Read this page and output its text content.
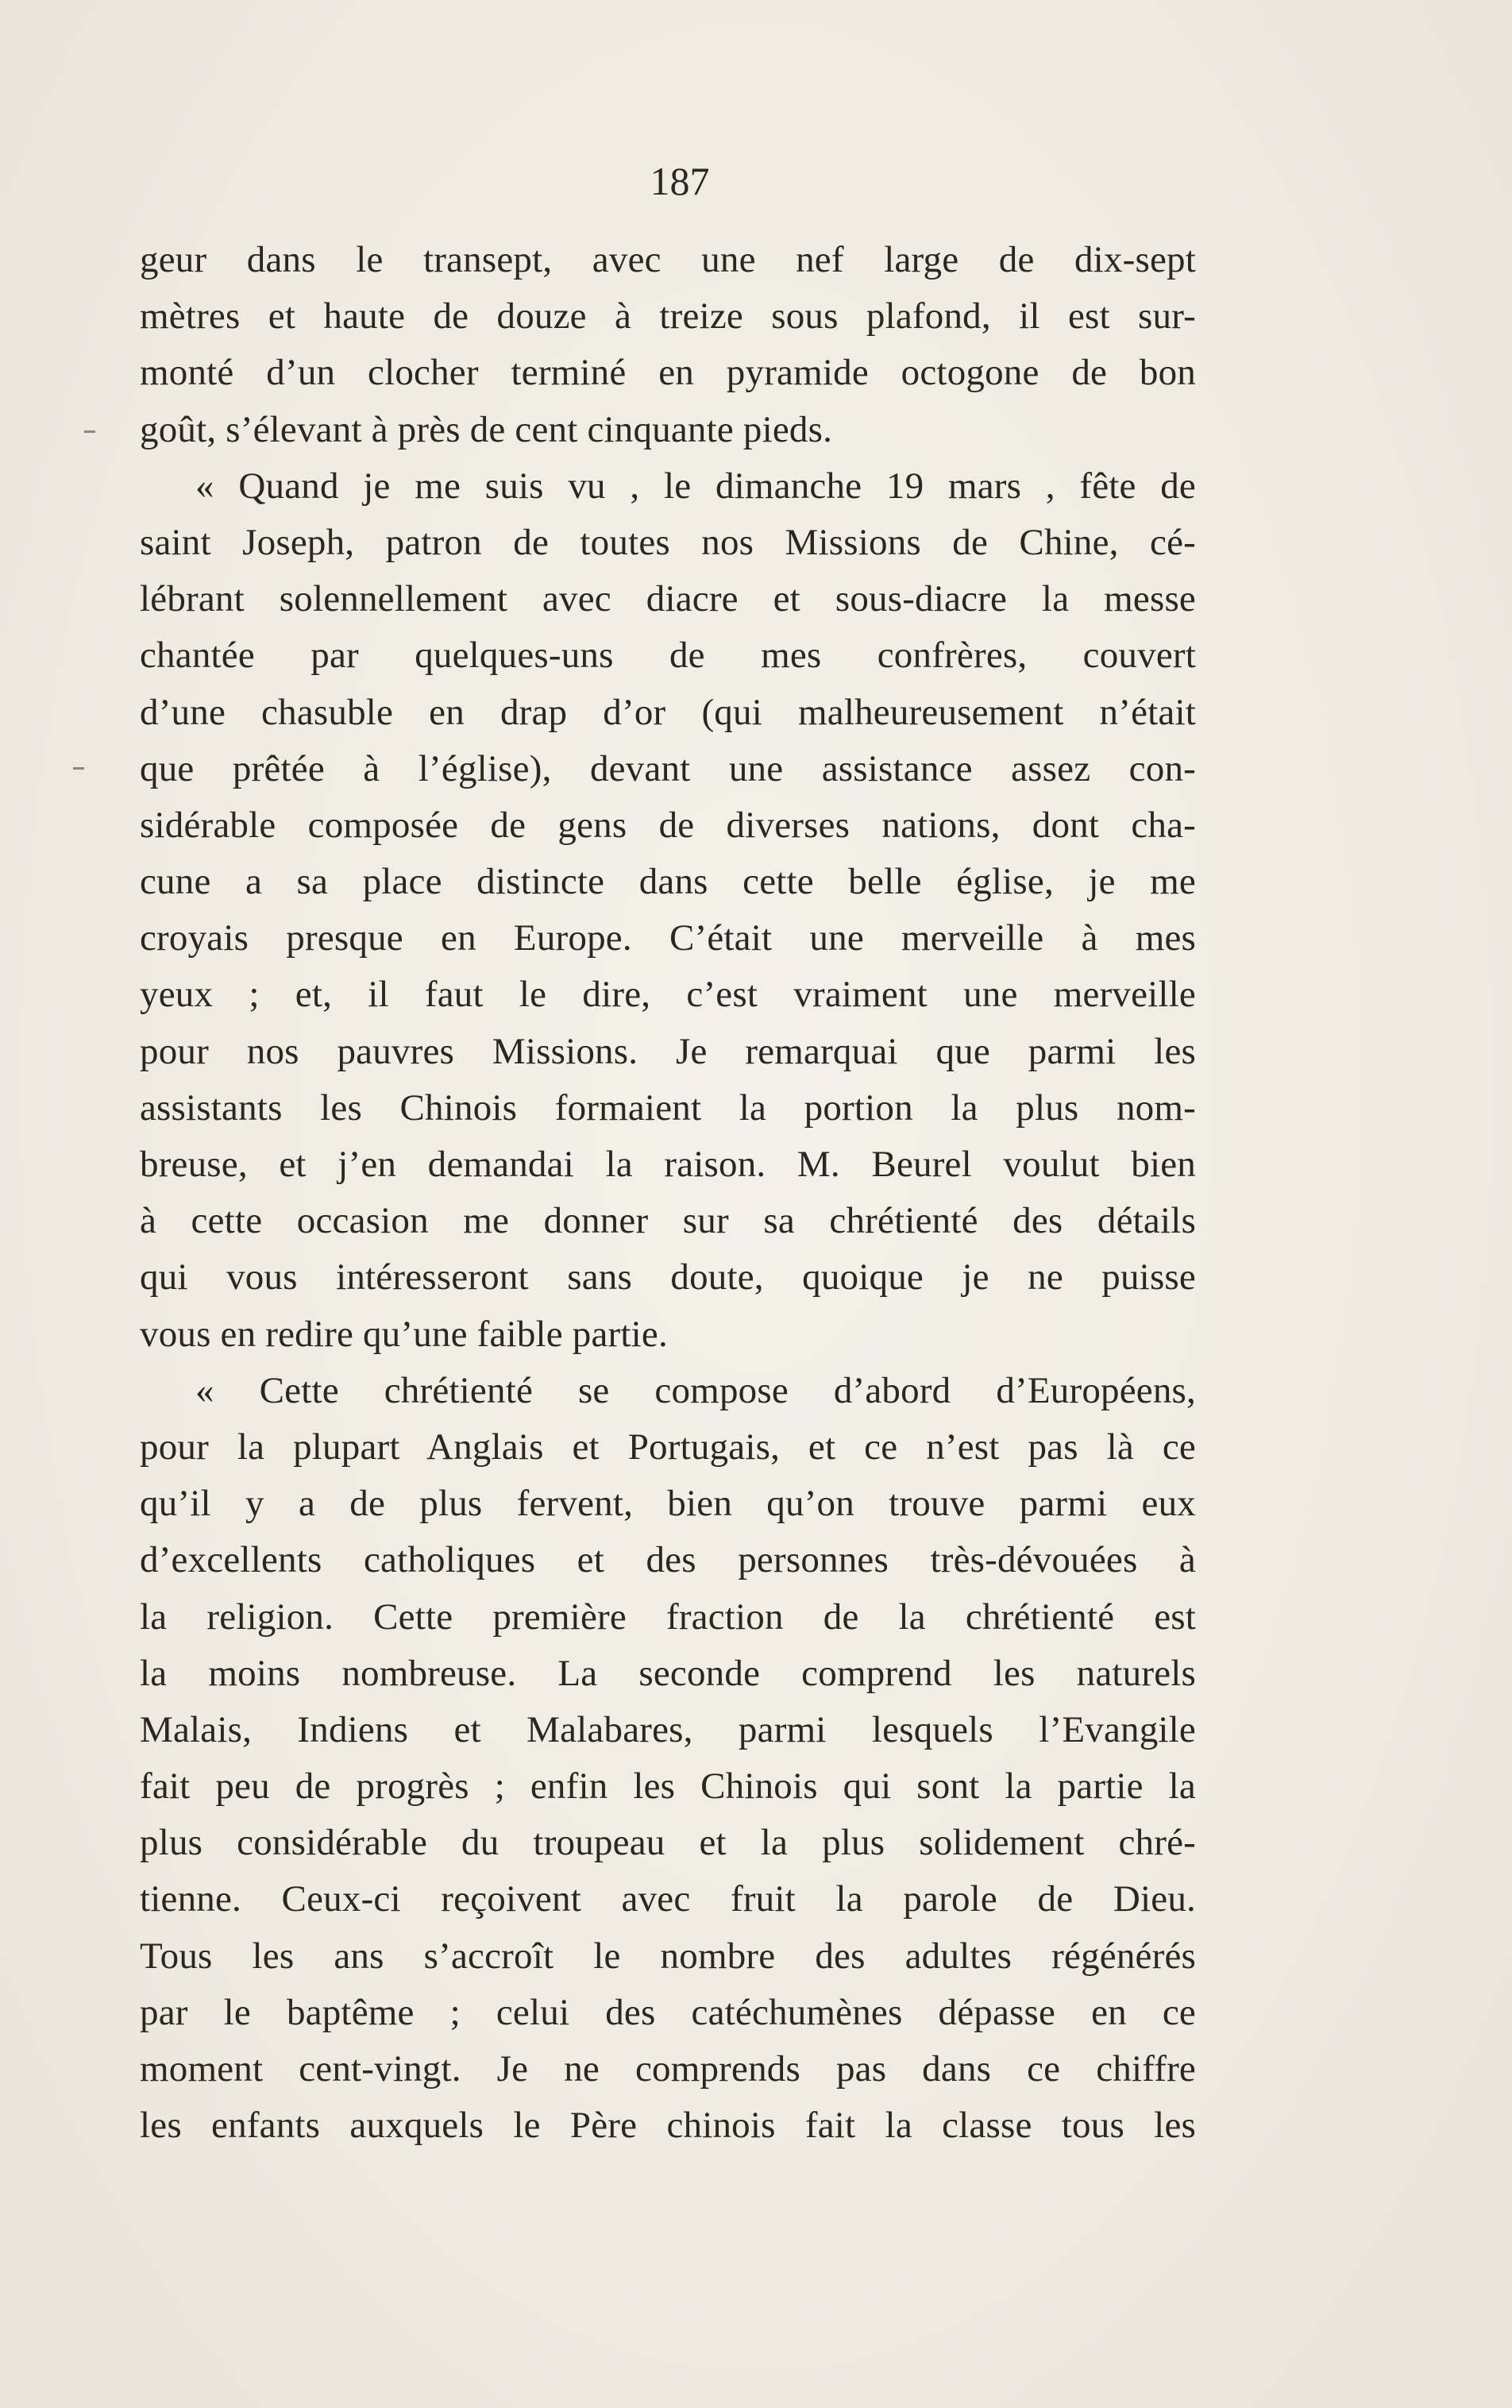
187
geur dans le transept, avec une nef large de dix-sept
mètres et haute de douze à treize sous plafond, il est sur-
monté d’un clocher terminé en pyramide octogone de bon
goût, s’élevant à près de cent cinquante pieds.
« Quand je me suis vu , le dimanche 19 mars , fête de
saint Joseph, patron de toutes nos Missions de Chine, cé-
lébrant solennellement avec diacre et sous-diacre la messe
chantée par quelques-uns de mes confrères, couvert
d’une chasuble en drap d’or (qui malheureusement n’était
que prêtée à l’église), devant une assistance assez con-
sidérable composée de gens de diverses nations, dont cha-
cune a sa place distincte dans cette belle église, je me
croyais presque en Europe. C’était une merveille à mes
yeux ; et, il faut le dire, c’est vraiment une merveille
pour nos pauvres Missions. Je remarquai que parmi les
assistants les Chinois formaient la portion la plus nom-
breuse, et j’en demandai la raison. M. Beurel voulut bien
à cette occasion me donner sur sa chrétienté des détails
qui vous intéresseront sans doute, quoique je ne puisse
vous en redire qu’une faible partie.
« Cette chrétienté se compose d’abord d’Européens,
pour la plupart Anglais et Portugais, et ce n’est pas là ce
qu’il y a de plus fervent, bien qu’on trouve parmi eux
d’excellents catholiques et des personnes très-dévouées à
la religion. Cette première fraction de la chrétienté est
la moins nombreuse. La seconde comprend les naturels
Malais, Indiens et Malabares, parmi lesquels l’Evangile
fait peu de progrès ; enfin les Chinois qui sont la partie la
plus considérable du troupeau et la plus solidement chré-
tienne. Ceux-ci reçoivent avec fruit la parole de Dieu.
Tous les ans s’accroît le nombre des adultes régénérés
par le baptême ; celui des catéchumènes dépasse en ce
moment cent-vingt. Je ne comprends pas dans ce chiffre
les enfants auxquels le Père chinois fait la classe tous les
